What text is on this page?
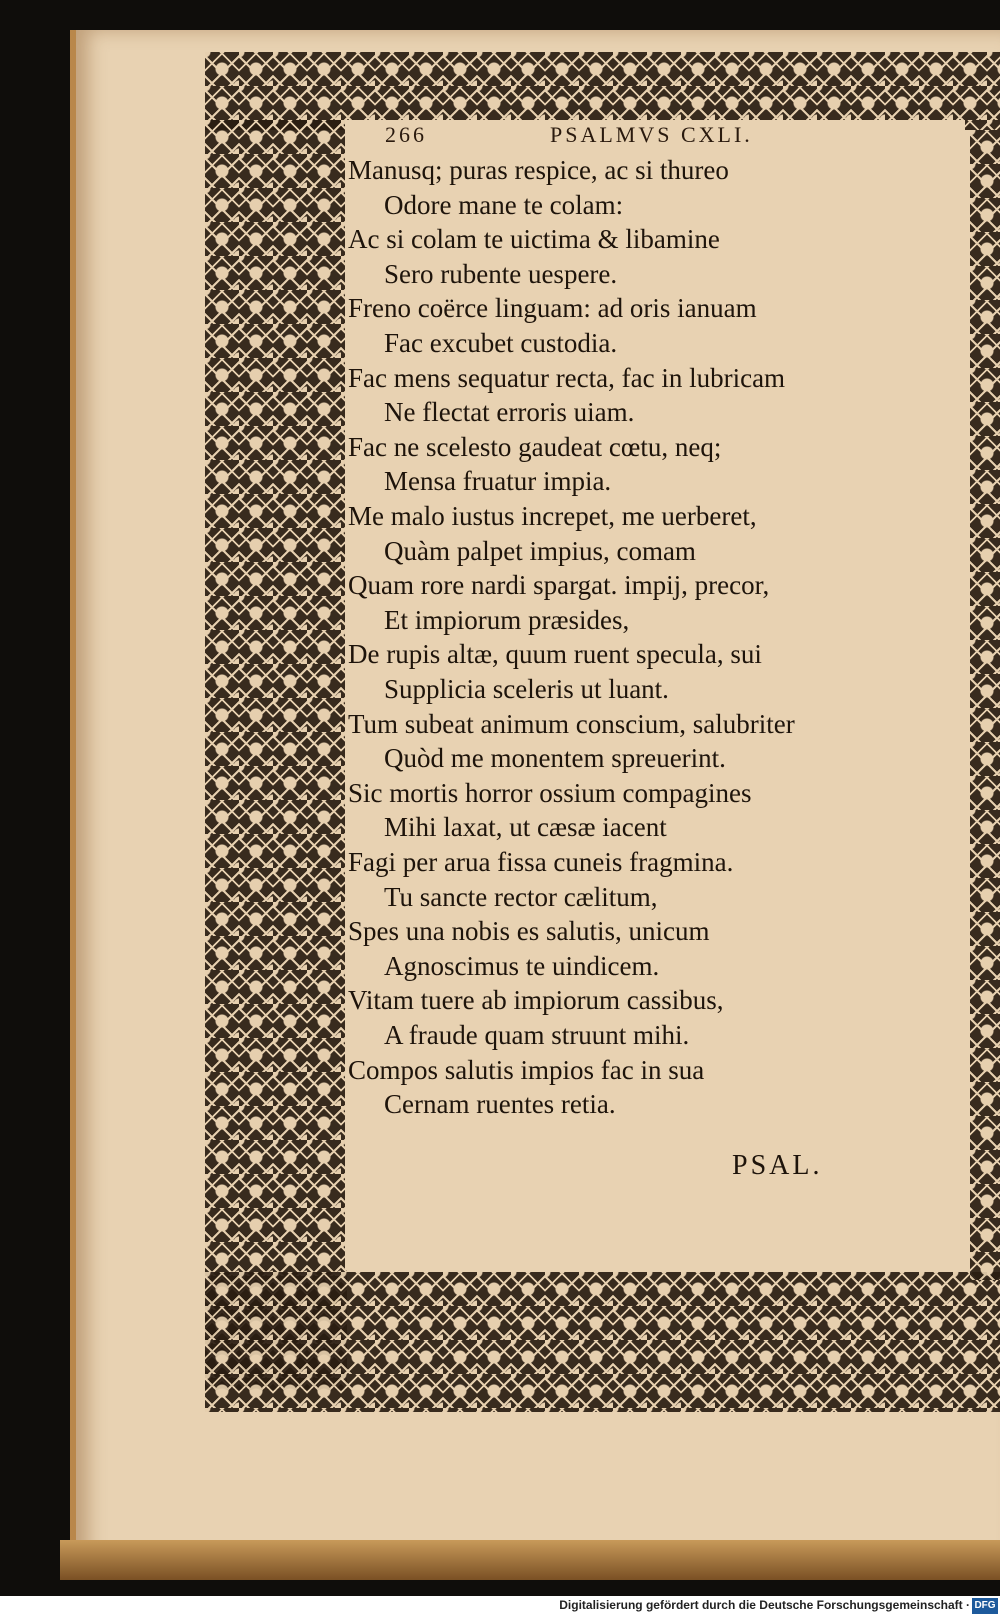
266	PSALMVS CXLI.
Manusq; puras respice, ac si thureo
Odore mane te colam:
Ac si colam te uictima & libamine
Sero rubente uespere.
Freno coërce linguam: ad oris ianuam
Fac excubet custodia.
Fac mens sequatur recta, fac in lubricam
Ne flectat erroris uiam.
Fac ne scelesto gaudeat cœtu, neq;
Mensa fruatur impia.
Me malo iustus increpet, me uerberet,
Quàm palpet impius, comam
Quam rore nardi spargat. impij, precor,
Et impiorum præsides,
De rupis altæ, quum ruent specula, sui
Supplicia sceleris ut luant.
Tum subeat animum conscium, salubriter
Quòd me monentem spreuerint.
Sic mortis horror ossium compagines
Mihi laxat, ut cæsæ iacent
Fagi per arua fissa cuneis fragmina.
Tu sancte rector cælitum,
Spes una nobis es salutis, unicum
Agnoscimus te uindicem.
Vitam tuere ab impiorum cassibus,
A fraude quam struunt mihi.
Compos salutis impios fac in sua
Cernam ruentes retia.
PSAL.
Digitalisierung gefördert durch die Deutsche Forschungsgemeinschaft · DFG
